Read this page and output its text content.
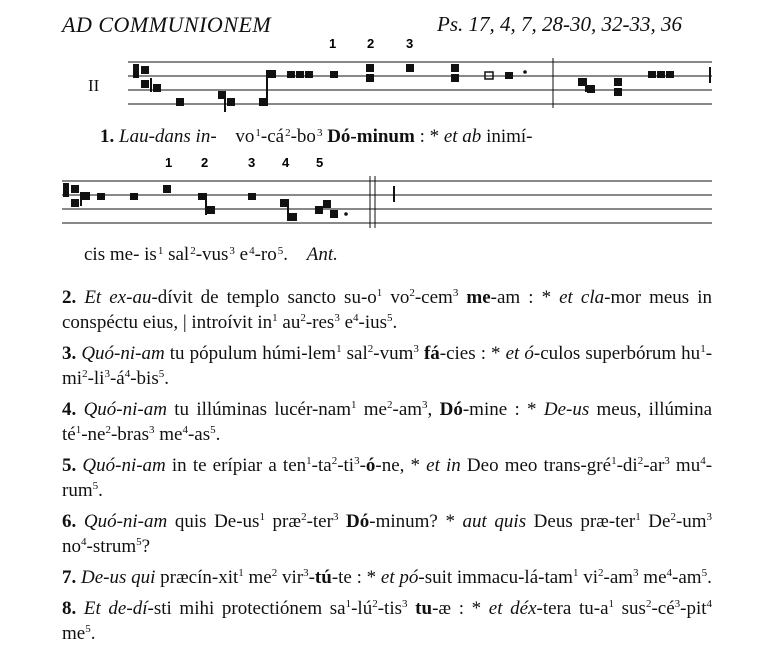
AD COMMUNIONEM	Ps. 17, 4, 7, 28-30, 32-33, 36
1 2 3
II
1. Lau-dans in- $vo^1-cá^2-bo^3$ Dó-minum : * et ab inimí-
1 2	3 4 5
cis me- $is^1$ sal$^2$-vus$^3$ $e^4-ro^5$. Ant.
2. Et ex-au-dívit de templo sancto $su-o^1$ $vo^2-cem^3$ me-am : * et cla-mor meus in conspéctu eius, | introívit $in^1$ $au^2-res^3$ $e^4-ius^5$.
3. Quó-ni-am tu pópulum húmi-lem$^1$ sal$^2$-vum$^3$ fá-cies : * et ó-culos superbórum $hu^1-mi^2-li^3-á^4-bis^5$.
4. Quó-ni-am tu illúminas lucér-nam$^1$ $me^2-am^3$, Dó-mine : * De-us meus, illúmina $té^1-ne^2-bras^3$ $me^4-as^5$.
5. Quó-ni-am in te erípiar a $ten^1-ta^2-ti^3-ó-ne$, * et in Deo meo trans-$gré^1-di^2-ar^3$ $mu^4-rum^5$.
6. Quó-ni-am quis $De-us^1$ præ$^2$-ter$^3$ Dó-minum? * aut quis Deus præ-ter$^1$ $De^2-um^3$ $no^4-strum^5$?
7. De-us qui præcín-xit$^1$ $me^2$ vir$^3$-tú-te : * et pó-suit immacu-lá-tam$^1$ $vi^2-am^3$ $me^4-am^5$.
8. Et de-dí-sti mihi protectiónem $sa^1-lú^2-tis^3$ tu-æ : * et déx-tera $tu-a^1$ $sus^2-cé^3-pit^4$ $me^5$.
